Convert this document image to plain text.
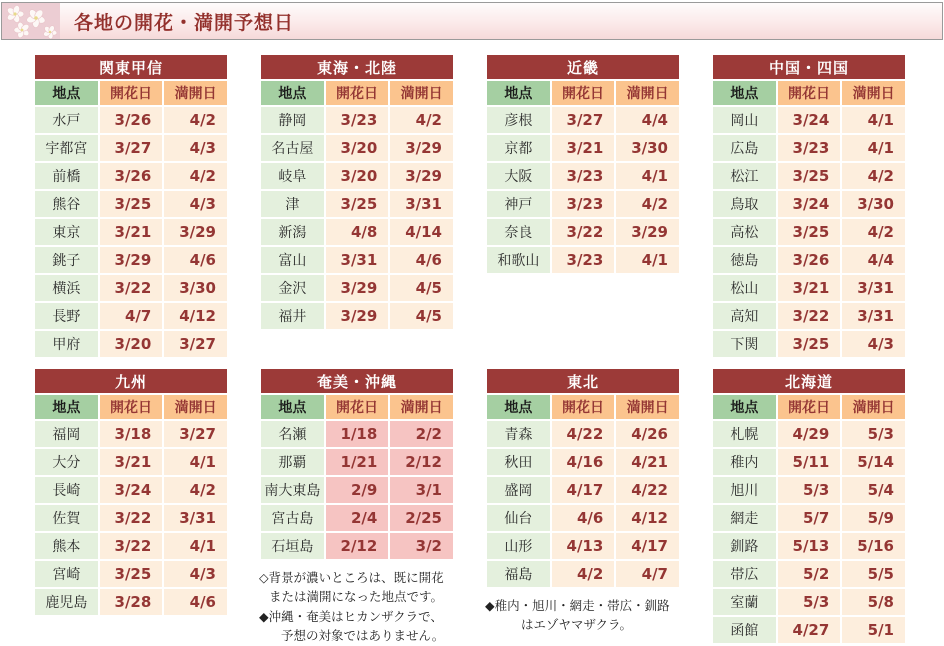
各地の開花・満開予想日
関東甲信		
地点	開花日	満開日
水戸	3/26	4/2
宇都宮	3/27	4/3
前橋	3/26	4/2
熊谷	3/25	4/3
東京	3/21	3/29
銚子	3/29	4/6
横浜	3/22	3/30
長野	4/7	4/12
甲府	3/20	3/27
東海・北陸		
地点	開花日	満開日
静岡	3/23	4/2
名古屋	3/20	3/29
岐阜	3/20	3/29
津	3/25	3/31
新潟	4/8	4/14
富山	3/31	4/6
金沢	3/29	4/5
福井	3/29	4/5
近畿		
地点	開花日	満開日
彦根	3/27	4/4
京都	3/21	3/30
大阪	3/23	4/1
神戸	3/23	4/2
奈良	3/22	3/29
和歌山	3/23	4/1
中国・四国		
地点	開花日	満開日
岡山	3/24	4/1
広島	3/23	4/1
松江	3/25	4/2
鳥取	3/24	3/30
高松	3/25	4/2
徳島	3/26	4/4
松山	3/21	3/31
高知	3/22	3/31
下関	3/25	4/3
九州		
地点	開花日	満開日
福岡	3/18	3/27
大分	3/21	4/1
長崎	3/24	4/2
佐賀	3/22	3/31
熊本	3/22	4/1
宮崎	3/25	4/3
鹿児島	3/28	4/6
奄美・沖縄		
地点	開花日	満開日
名瀬	1/18	2/2
那覇	1/21	2/12
南大東島	2/9	3/1
宮古島	2/4	2/25
石垣島	2/12	3/2
◇背景が濃いところは、既に開花
または満開になった地点です。
◆沖縄・奄美はヒカンザクラで、
予想の対象ではありません。
東北		
地点	開花日	満開日
青森	4/22	4/26
秋田	4/16	4/21
盛岡	4/17	4/22
仙台	4/6	4/12
山形	4/13	4/17
福島	4/2	4/7
◆稚内・旭川・網走・帯広・釧路
はエゾヤマザクラ。
北海道		
地点	開花日	満開日
札幌	4/29	5/3
稚内	5/11	5/14
旭川	5/3	5/4
網走	5/7	5/9
釧路	5/13	5/16
帯広	5/2	5/5
室蘭	5/3	5/8
函館	4/27	5/1
